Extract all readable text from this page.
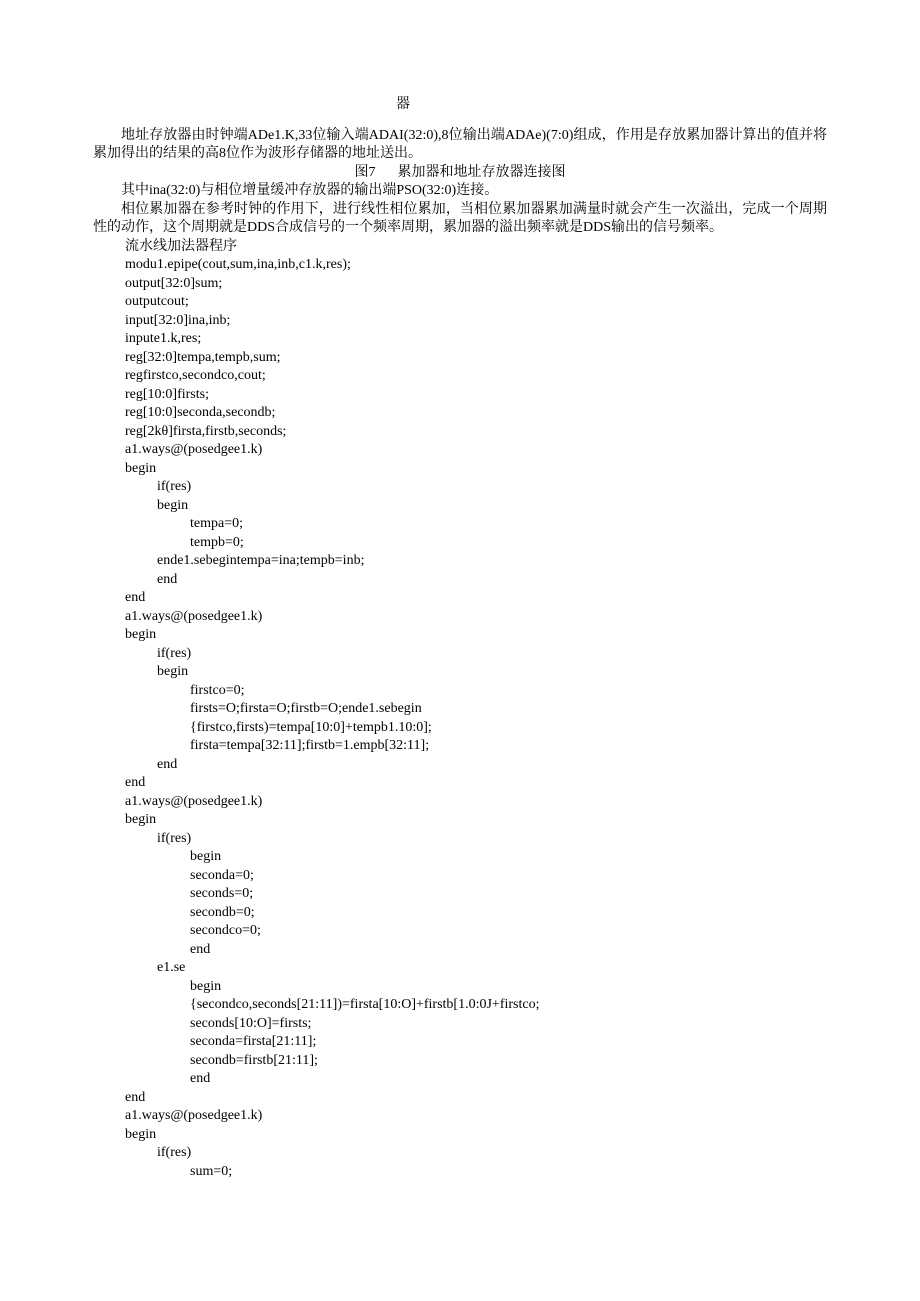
器

地址存放器由时钟端ADe1.K,33位输入端ADAI(32:0),8位输出端ADAe)(7:0)组成，作用是存放累加器计算出的值并将累加得出的结果的高8位作为波形存储器的地址送出。

图7 累加器和地址存放器连接图

其中ina(32:0)与相位增量缓冲存放器的输出端PSO(32:0)连接。

相位累加器在参考时钟的作用下，进行线性相位累加，当相位累加器累加满量时就会产生一次溢出，完成一个周期性的动作，这个周期就是DDS合成信号的一个频率周期，累加器的溢出频率就是DDS输出的信号频率。

流水线加法器程序
modu1.epipe(cout,sum,ina,inb,c1.k,res);
output[32:0]sum;
outputcout;
input[32:0]ina,inb;
inpute1.k,res;
reg[32:0]tempa,tempb,sum;
regfirstco,secondco,cout;
reg[10:0]firsts;
reg[10:0]seconda,secondb;
reg[2kθ]firsta,firstb,seconds;
a1.ways@(posedgee1.k)
begin
if(res)
begin
tempa=0;
tempb=0;
ende1.sebegintempa=ina;tempb=inb;
end
end
a1.ways@(posedgee1.k)
begin
if(res)
begin
firstco=0;
firsts=O;firsta=O;firstb=O;ende1.sebegin
{firstco,firsts)=tempa[10:0]+tempb1.10:0];
firsta=tempa[32:11];firstb=1.empb[32:11];
end
end
a1.ways@(posedgee1.k)
begin
if(res)
begin
seconda=0;
seconds=0;
secondb=0;
secondco=0;
end
e1.se
begin
{secondco,seconds[21:11])=firsta[10:O]+firstb[1.0:0J+firstco;
seconds[10:O]=firsts;
seconda=firsta[21:11];
secondb=firstb[21:11];
end
end
a1.ways@(posedgee1.k)
begin
if(res)
sum=0;
